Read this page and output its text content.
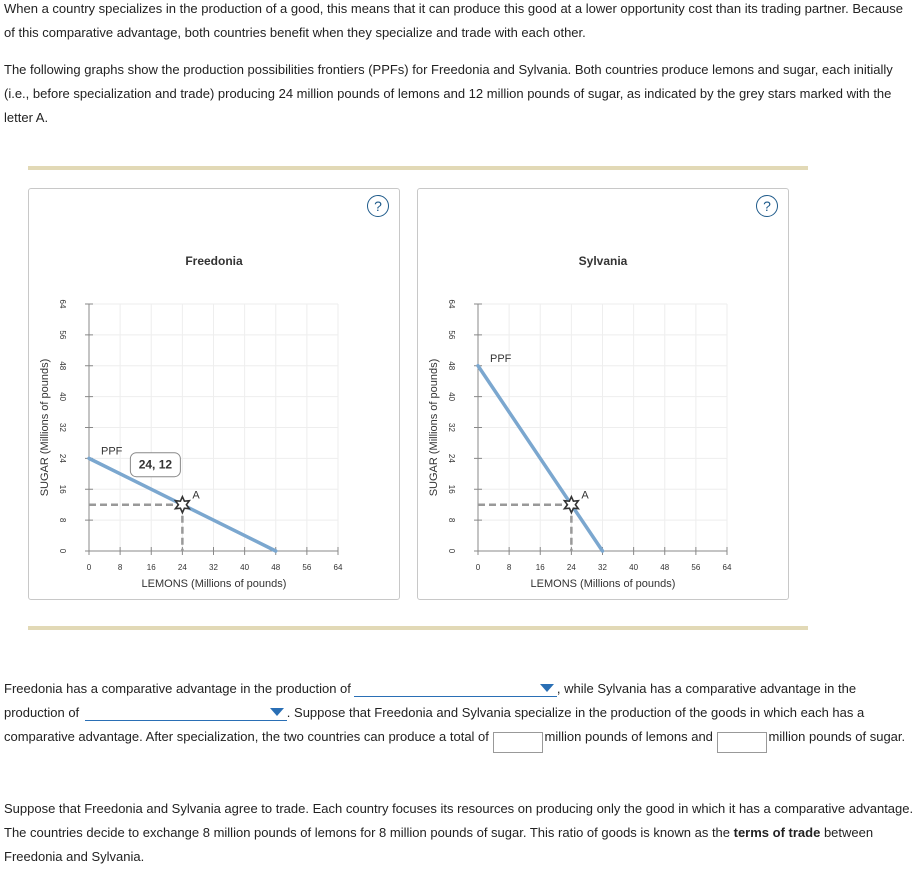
When a country specializes in the production of a good, this means that it can produce this good at a lower opportunity cost than its trading partner. Because of this comparative advantage, both countries benefit when they specialize and trade with each other.

The following graphs show the production possibilities frontiers (PPFs) for Freedonia and Sylvania. Both countries produce lemons and sugar, each initially (i.e., before specialization and trade) producing 24 million pounds of lemons and 12 million pounds of sugar, as indicated by the grey stars marked with the letter A.

0
8
16
24
32
40
48
56
64
0	8	16	24	32	40	48	56	64
Freedonia
LEMONS (Millions of pounds)
SUGAR (Millions of pounds)	PPF
A
24, 12
?
0
8
16
24
32
40
48
56
64
0	8	16	24	32	40	48	56	64
Sylvania
LEMONS (Millions of pounds)
SUGAR (Millions of pounds)	PPF
A
?

Freedonia has a comparative advantage in the production of	, while Sylvania has a comparative advantage in the production of	. Suppose that Freedonia and Sylvania specialize in the production of the goods in which each has a comparative advantage. After specialization, the two countries can produce a total of	million pounds of lemons and	million pounds of sugar.

Suppose that Freedonia and Sylvania agree to trade. Each country focuses its resources on producing only the good in which it has a comparative advantage. The countries decide to exchange 8 million pounds of lemons for 8 million pounds of sugar. This ratio of goods is known as the terms of trade between Freedonia and Sylvania.
